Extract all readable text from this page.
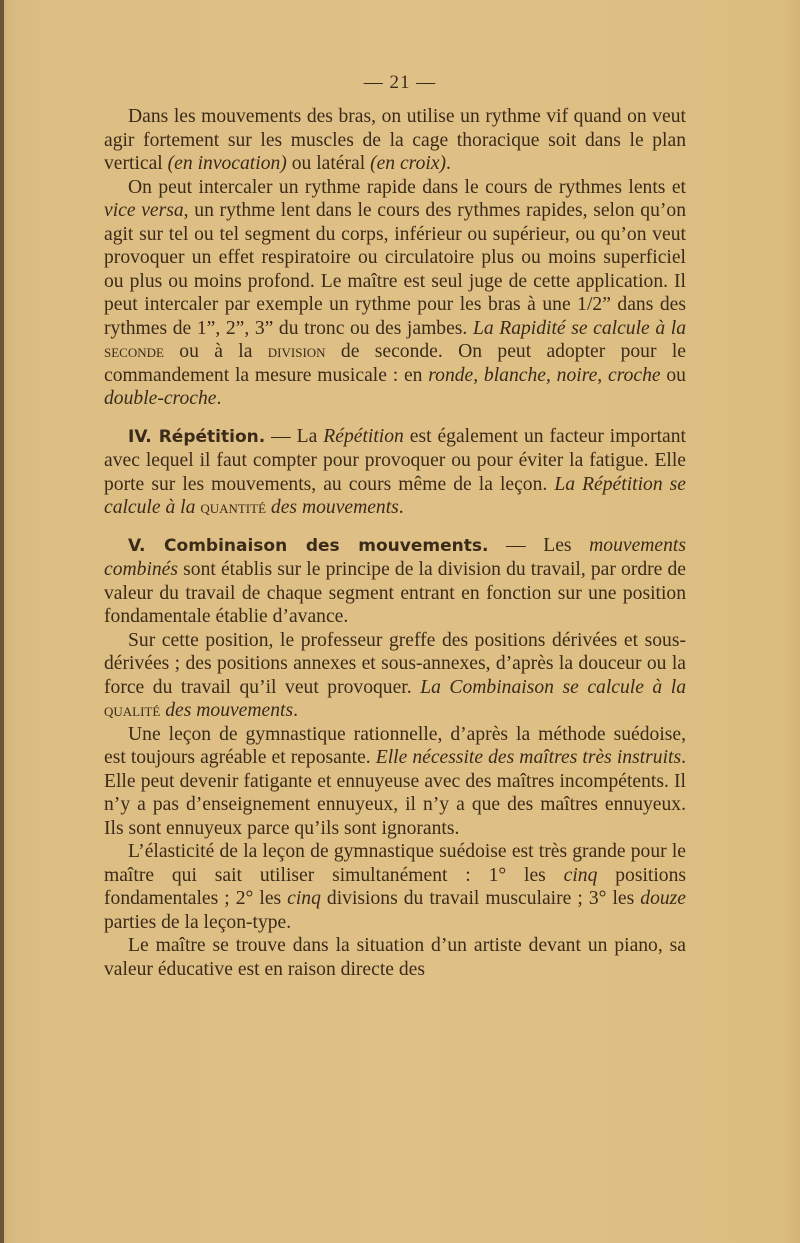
— 21 —

Dans les mouvements des bras, on utilise un rythme vif quand on veut agir fortement sur les muscles de la cage thoracique soit dans le plan vertical (en invocation) ou latéral (en croix).

On peut intercaler un rythme rapide dans le cours de rythmes lents et vice versa, un rythme lent dans le cours des rythmes rapides, selon qu’on agit sur tel ou tel segment du corps, inférieur ou supérieur, ou qu’on veut provoquer un effet respiratoire ou circulatoire plus ou moins superficiel ou plus ou moins profond. Le maître est seul juge de cette application. Il peut intercaler par exemple un rythme pour les bras à une 1/2” dans des rythmes de 1”, 2”, 3” du tronc ou des jambes. La Rapidité se calcule à la seconde ou à la division de seconde. On peut adopter pour le commandement la mesure musicale : en ronde, blanche, noire, croche ou double-croche.

IV. Répétition. — La Répétition est également un facteur important avec lequel il faut compter pour provoquer ou pour éviter la fatigue. Elle porte sur les mouvements, au cours même de la leçon. La Répétition se calcule à la quantité des mouvements.

V. Combinaison des mouvements. — Les mouvements combinés sont établis sur le principe de la division du travail, par ordre de valeur du travail de chaque segment entrant en fonction sur une position fondamentale établie d’avance.

Sur cette position, le professeur greffe des positions dérivées et sous-dérivées ; des positions annexes et sous-annexes, d’après la douceur ou la force du travail qu’il veut provoquer. La Combinaison se calcule à la qualité des mouvements.

Une leçon de gymnastique rationnelle, d’après la méthode suédoise, est toujours agréable et reposante. Elle nécessite des maîtres très instruits. Elle peut devenir fatigante et ennuyeuse avec des maîtres incompétents. Il n’y a pas d’enseignement ennuyeux, il n’y a que des maîtres ennuyeux. Ils sont ennuyeux parce qu’ils sont ignorants.

L’élasticité de la leçon de gymnastique suédoise est très grande pour le maître qui sait utiliser simultanément : 1° les cinq positions fondamentales ; 2° les cinq divisions du travail musculaire ; 3° les douze parties de la leçon-type.

Le maître se trouve dans la situation d’un artiste devant un piano, sa valeur éducative est en raison directe des
